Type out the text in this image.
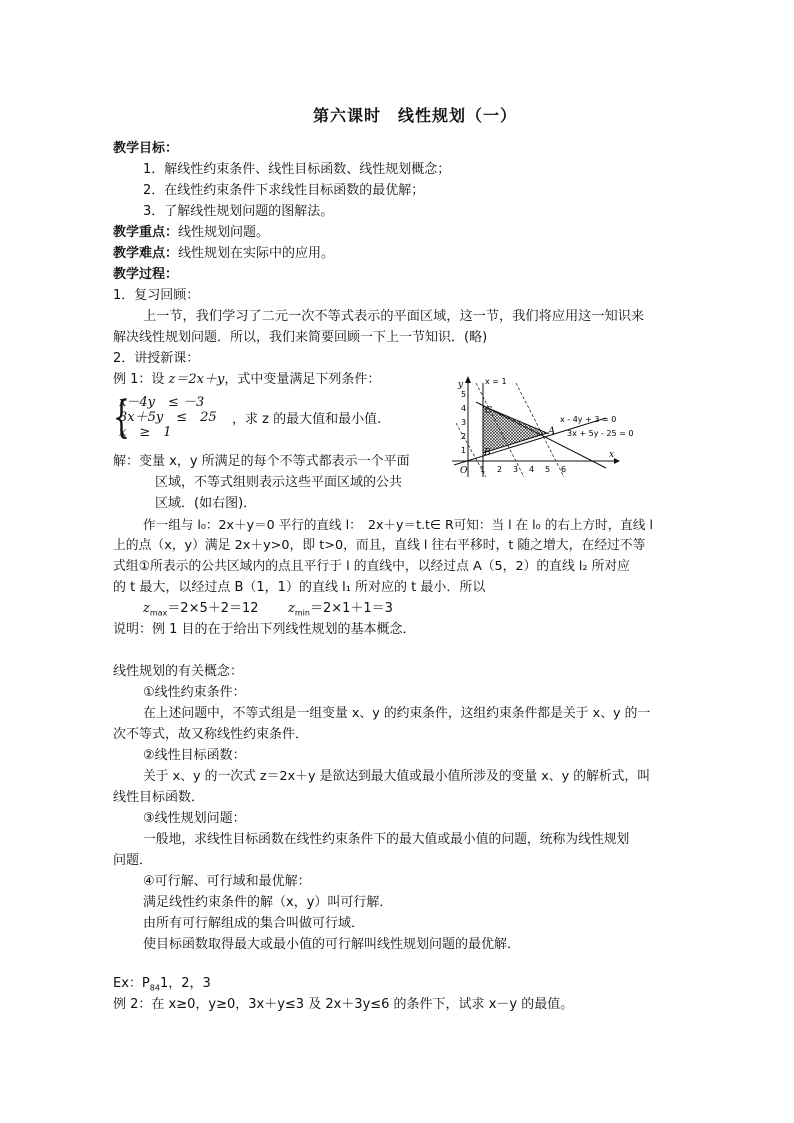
第六课时　线性规划（一）
教学目标：
1．解线性约束条件、线性目标函数、线性规划概念；
2．在线性约束条件下求线性目标函数的最优解；
3．了解线性规划问题的图解法。
教学重点：线性规划问题。
教学难点：线性规划在实际中的应用。
教学过程：
1．复习回顾：
上一节，我们学习了二元一次不等式表示的平面区域，这一节，我们将应用这一知识来
解决线性规划问题．所以，我们来简要回顾一下上一节知识．(略)
2．讲授新课：
例 1：设 z＝2x＋y，式中变量满足下列条件：
{
x－4y　≤ －3
3x＋5y　≤　25
x　≥　1
，求 z 的最大值和最小值.
y
x
x = 1
x - 4y + 3 = 0
3x + 5y - 25 = 0
A
B
C
O 1 2 3 4 5 6
1
2
3
4
5
解：变量 x，y 所满足的每个不等式都表示一个平面
区域，不等式组则表示这些平面区域的公共
区域．(如右图)．
作一组与 l₀：2x＋y＝0 平行的直线 l：　2x＋y＝t.t∈ R可知：当 l 在 l₀ 的右上方时，直线 l
上的点（x，y）满足 2x＋y>0，即 t>0，而且，直线 l 往右平移时，t 随之增大，在经过不等
式组①所表示的公共区域内的点且平行于 l 的直线中，以经过点 A（5，2）的直线 l₂ 所对应
的 t 最大，以经过点 B（1，1）的直线 l₁ 所对应的 t 最小．所以
$z_{max}=2\times 5+2=12$ $z_{min}=2\times 1+1=3$
说明：例 1 目的在于给出下列线性规划的基本概念．
线性规划的有关概念：
①线性约束条件：
在上述问题中，不等式组是一组变量 x、y 的约束条件，这组约束条件都是关于 x、y 的一
次不等式，故又称线性约束条件．
②线性目标函数：
关于 x、y 的一次式 z＝2x＋y 是欲达到最大值或最小值所涉及的变量 x、y 的解析式，叫
线性目标函数．
③线性规划问题：
一般地，求线性目标函数在线性约束条件下的最大值或最小值的问题，统称为线性规划
问题．
④可行解、可行域和最优解：
满足线性约束条件的解（x，y）叫可行解．
由所有可行解组成的集合叫做可行域．
使目标函数取得最大或最小值的可行解叫线性规划问题的最优解．
Ex：$P_{84}1$，2，3
例 2：在 x≥0，y≥0，3x＋y≤3 及 2x＋3y≤6 的条件下，试求 x－y 的最值。
